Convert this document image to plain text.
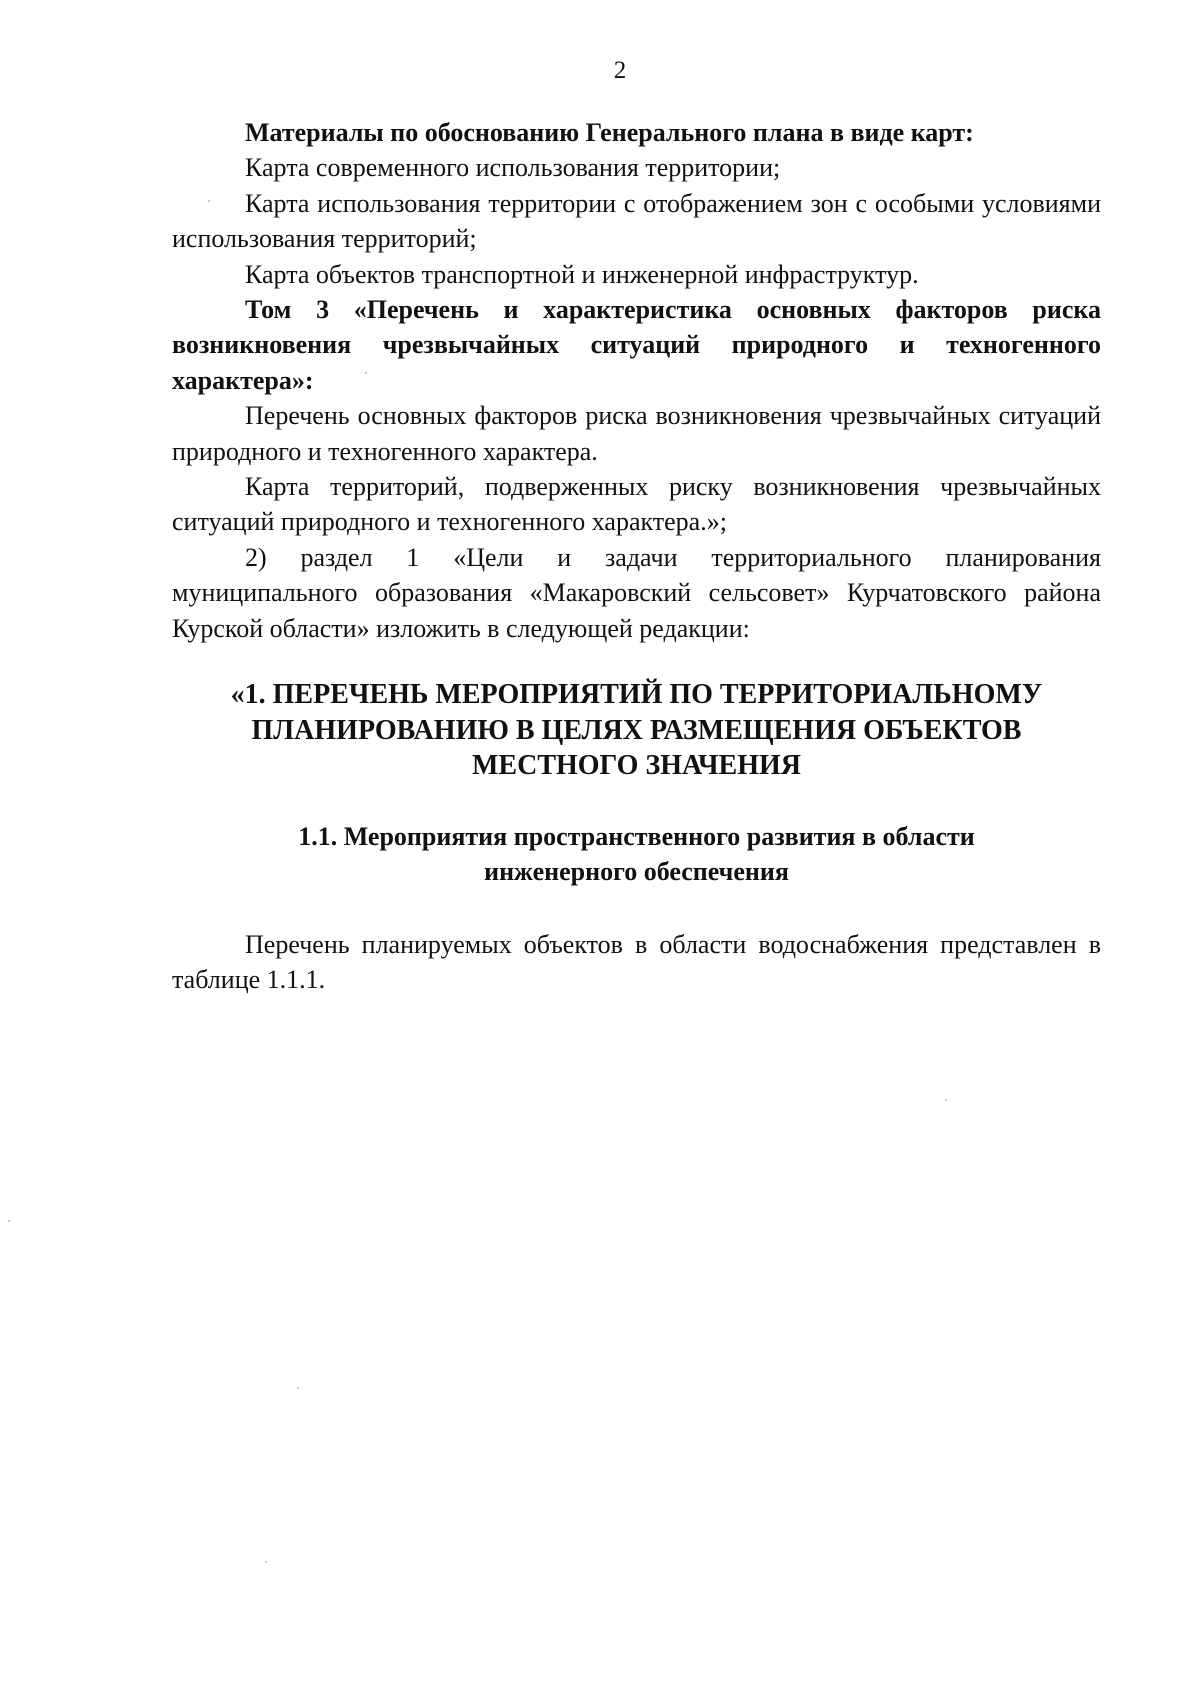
2

Материалы по обоснованию Генерального плана в виде карт:

Карта современного использования территории;

Карта использования территории с отображением зон с особыми условиями использования территорий;

Карта объектов транспортной и инженерной инфраструктур.

Том 3 «Перечень и характеристика основных факторов риска возникновения чрезвычайных ситуаций природного и техногенного характера»:

Перечень основных факторов риска возникновения чрезвычайных ситуаций природного и техногенного характера.

Карта территорий, подверженных риску возникновения чрезвычайных ситуаций природного и техногенного характера.»;

2) раздел 1 «Цели и задачи территориального планирования муниципального образования «Макаровский сельсовет» Курчатовского района Курской области» изложить в следующей редакции:

«1. ПЕРЕЧЕНЬ МЕРОПРИЯТИЙ ПО ТЕРРИТОРИАЛЬНОМУ
ПЛАНИРОВАНИЮ В ЦЕЛЯХ РАЗМЕЩЕНИЯ ОБЪЕКТОВ
МЕСТНОГО ЗНАЧЕНИЯ
1.1. Мероприятия пространственного развития в области
инженерного обеспечения

Перечень планируемых объектов в области водоснабжения представлен в таблице 1.1.1.
